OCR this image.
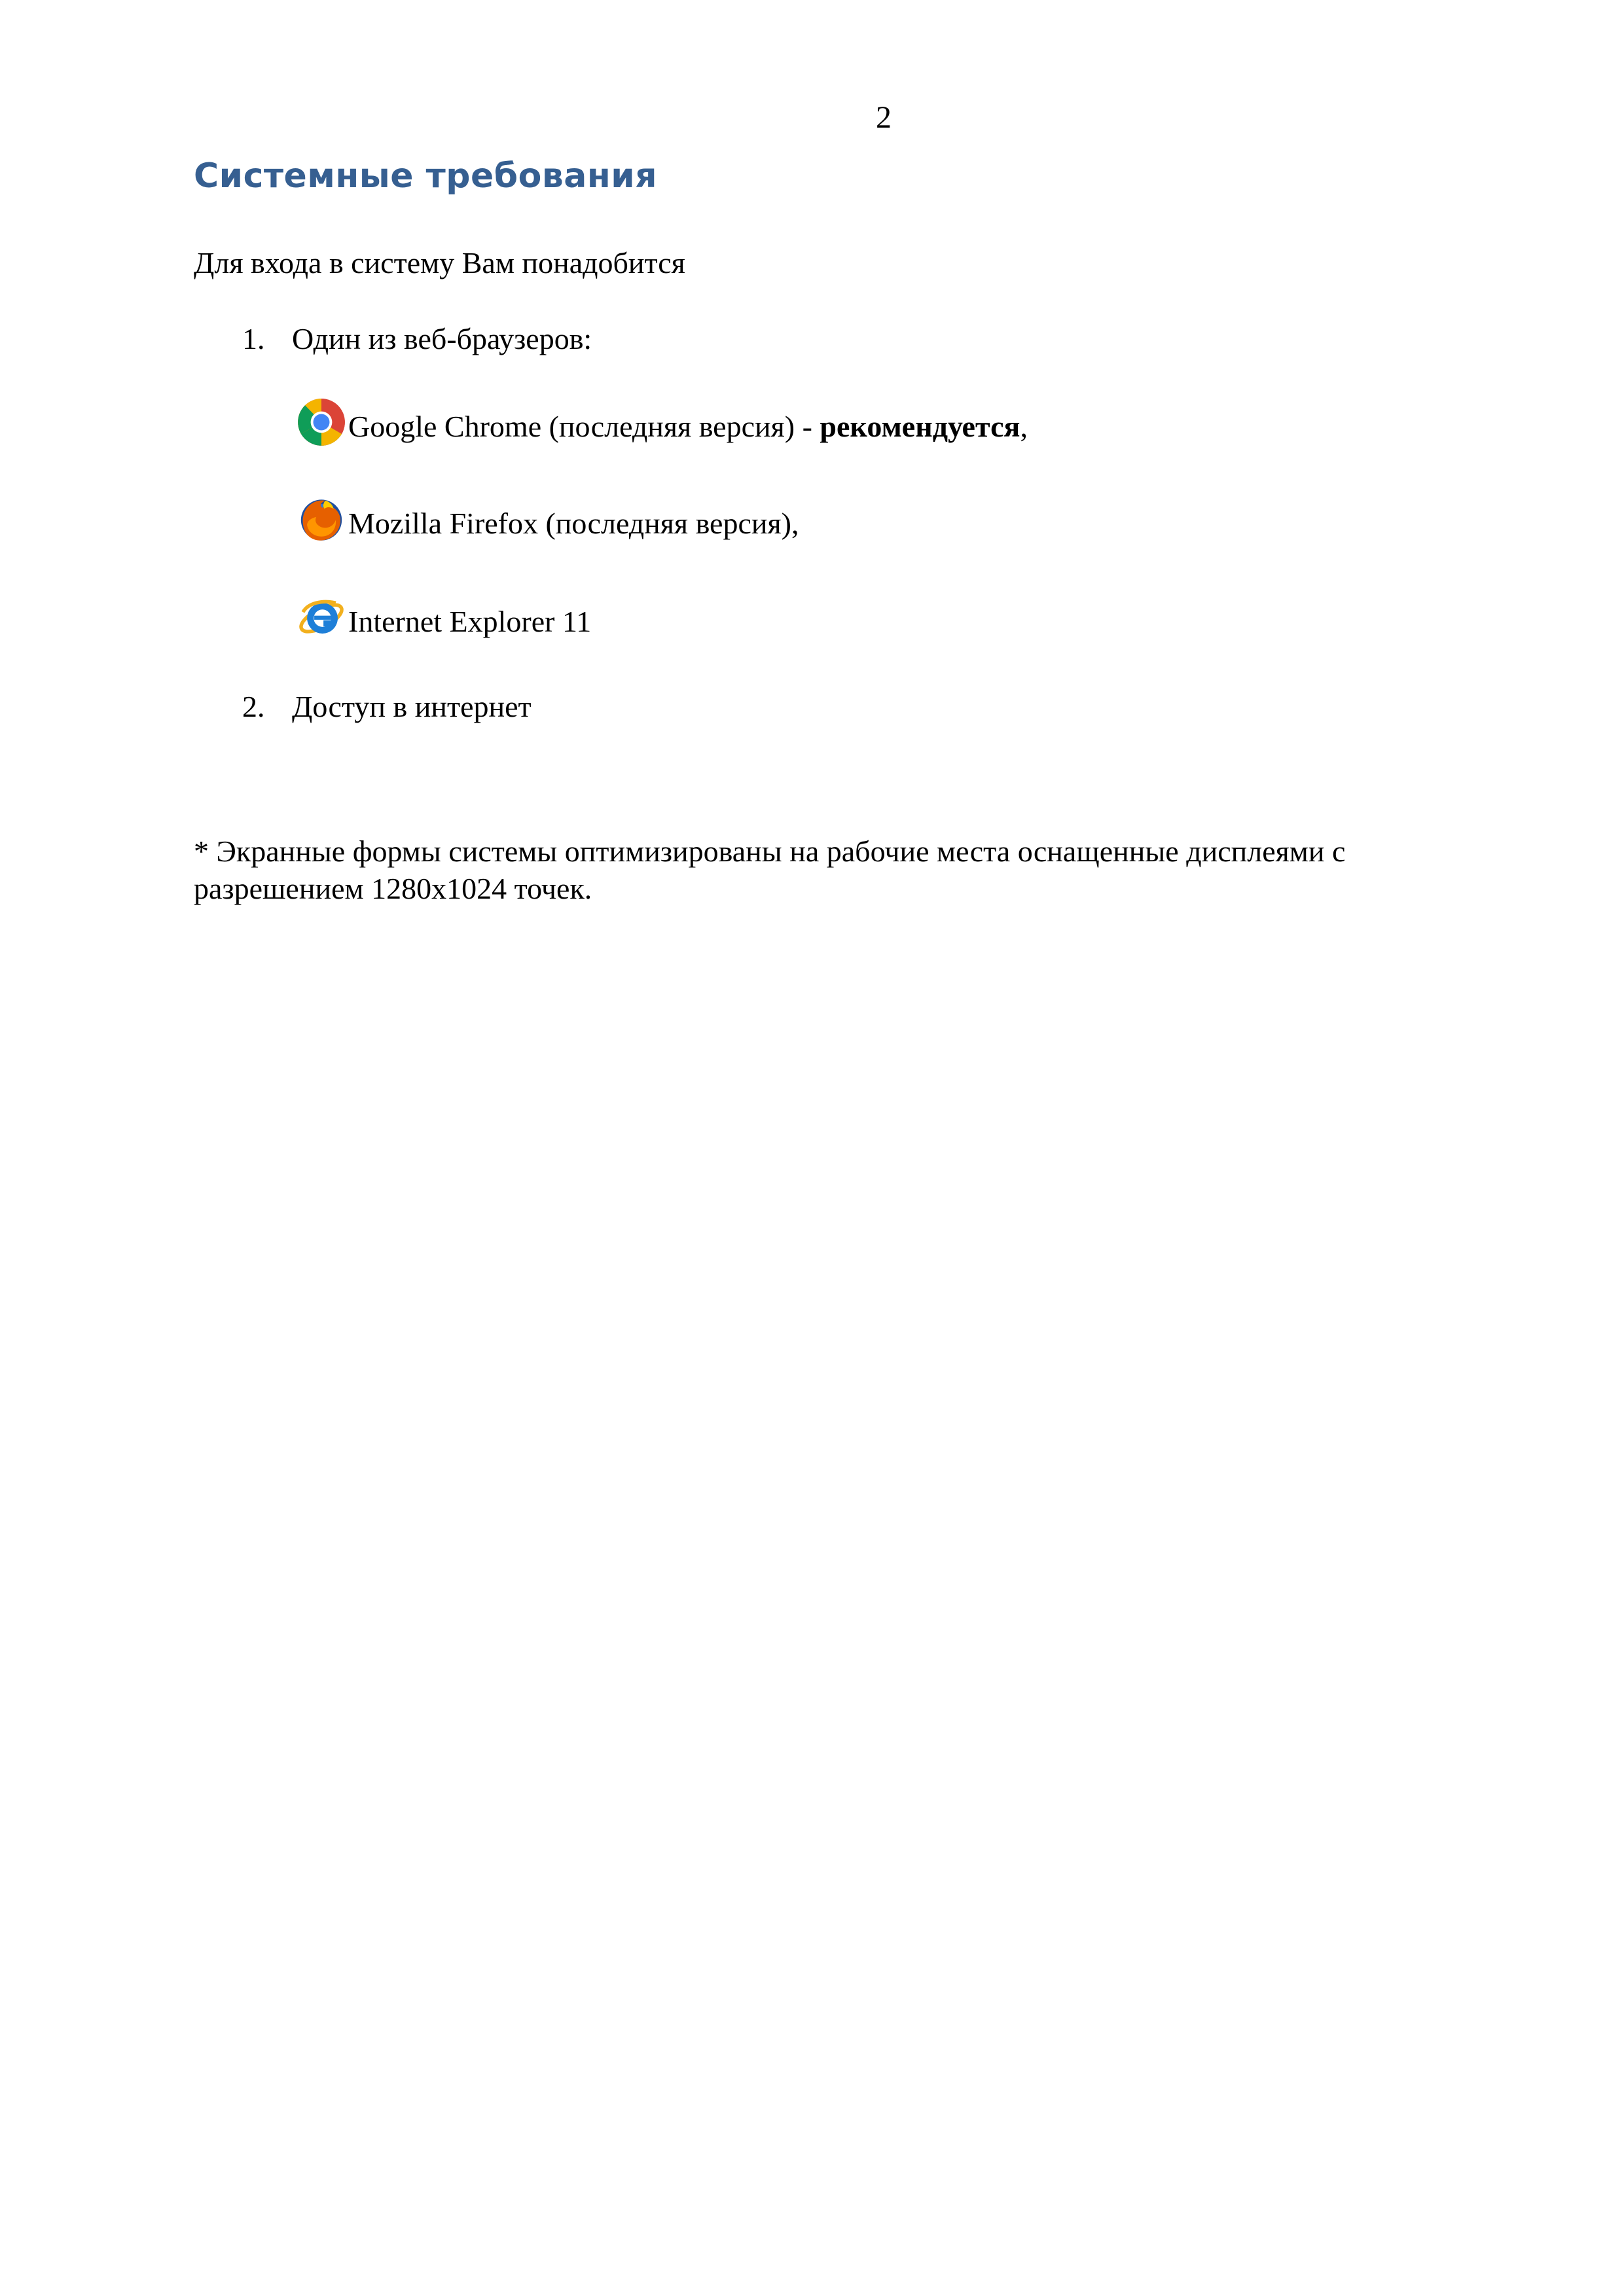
2
Системные требования
Для входа в систему Вам понадобится
1. Один из веб-браузеров:
Google Chrome (последняя версия) - рекомендуется,
Mozilla Firefox (последняя версия),
Internet Explorer 11
2. Доступ в интернет
* Экранные формы системы оптимизированы на рабочие места оснащенные дисплеями с разрешением 1280x1024 точек.
